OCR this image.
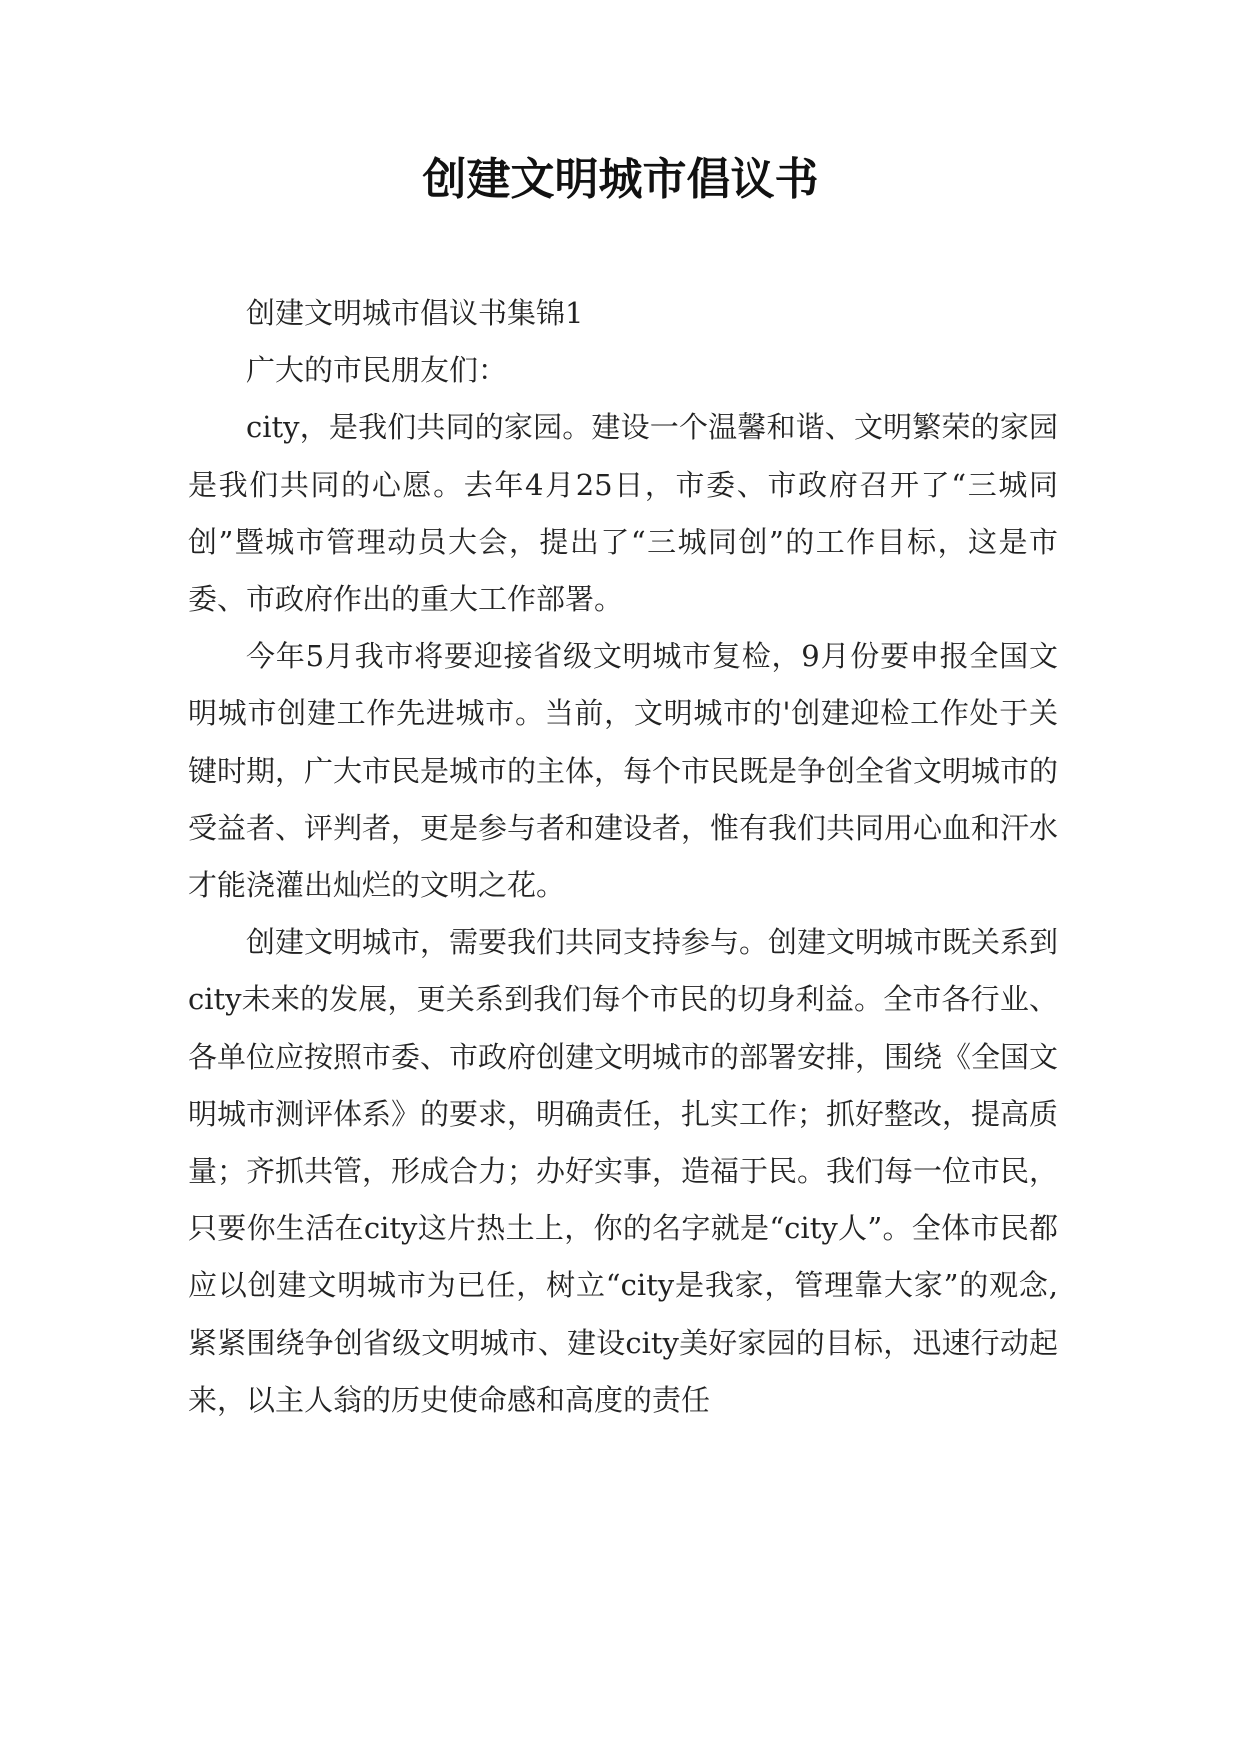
创建文明城市倡议书

创建文明城市倡议书集锦1

广大的市民朋友们：

city，是我们共同的家园。建设一个温馨和谐、文明繁荣的家园是我们共同的心愿。去年4月25日，市委、市政府召开了“三城同创”暨城市管理动员大会，提出了“三城同创”的工作目标，这是市委、市政府作出的重大工作部署。

今年5月我市将要迎接省级文明城市复检，9月份要申报全国文明城市创建工作先进城市。当前，文明城市的'创建迎检工作处于关键时期，广大市民是城市的主体，每个市民既是争创全省文明城市的受益者、评判者，更是参与者和建设者，惟有我们共同用心血和汗水才能浇灌出灿烂的文明之花。

创建文明城市，需要我们共同支持参与。创建文明城市既关系到city未来的发展，更关系到我们每个市民的切身利益。全市各行业、各单位应按照市委、市政府创建文明城市的部署安排，围绕《全国文明城市测评体系》的要求，明确责任，扎实工作；抓好整改，提高质量；齐抓共管，形成合力；办好实事，造福于民。我们每一位市民，只要你生活在city这片热土上，你的名字就是“city人”。全体市民都应以创建文明城市为已任，树立“city是我家，管理靠大家”的观念,紧紧围绕争创省级文明城市、建设city美好家园的目标，迅速行动起来，以主人翁的历史使命感和高度的责任
